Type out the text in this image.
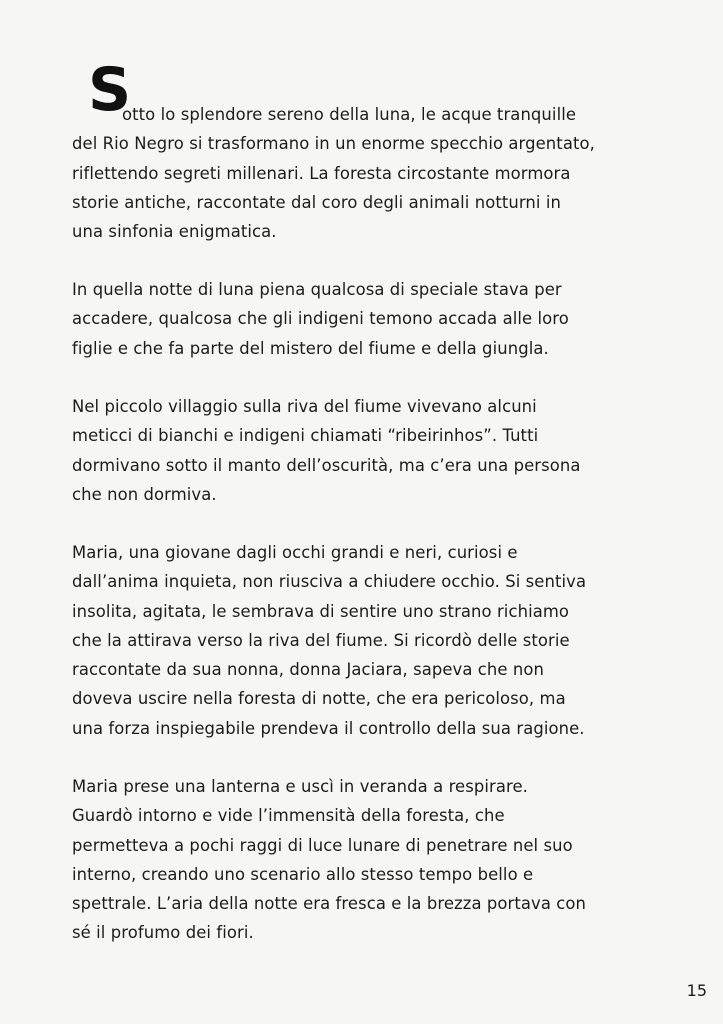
S
otto lo splendore sereno della luna, le acque tranquille
del Rio Negro si trasformano in un enorme specchio argentato,
riflettendo segreti millenari. La foresta circostante mormora
storie antiche, raccontate dal coro degli animali notturni in
una sinfonia enigmatica.
In quella notte di luna piena qualcosa di speciale stava per
accadere, qualcosa che gli indigeni temono accada alle loro
figlie e che fa parte del mistero del fiume e della giungla.
Nel piccolo villaggio sulla riva del fiume vivevano alcuni
meticci di bianchi e indigeni chiamati “ribeirinhos”. Tutti
dormivano sotto il manto dell’oscurità, ma c’era una persona
che non dormiva.
Maria, una giovane dagli occhi grandi e neri, curiosi e
dall’anima inquieta, non riusciva a chiudere occhio. Si sentiva
insolita, agitata, le sembrava di sentire uno strano richiamo
che la attirava verso la riva del fiume. Si ricordò delle storie
raccontate da sua nonna, donna Jaciara, sapeva che non
doveva uscire nella foresta di notte, che era pericoloso, ma
una forza inspiegabile prendeva il controllo della sua ragione.
Maria prese una lanterna e uscì in veranda a respirare.
Guardò intorno e vide l’immensità della foresta, che
permetteva a pochi raggi di luce lunare di penetrare nel suo
interno, creando uno scenario allo stesso tempo bello e
spettrale. L’aria della notte era fresca e la brezza portava con
sé il profumo dei fiori.
15
